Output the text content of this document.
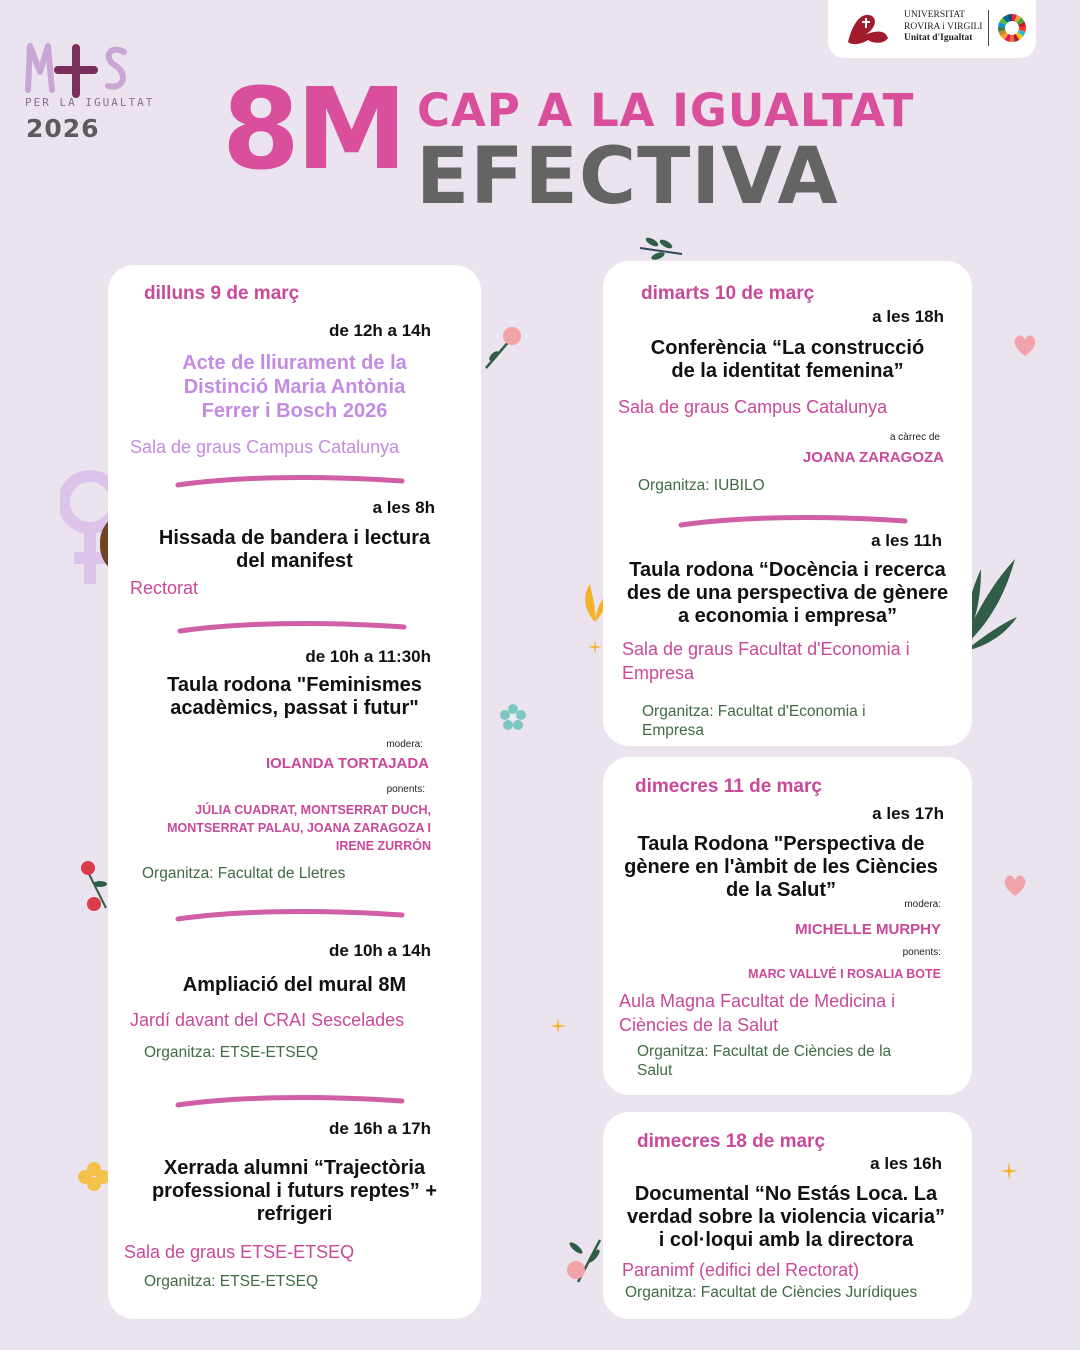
PER LA IGUALTAT
2026 8M CAP A LA IGUALTAT
EFECTIVA
UNIVERSITAT
ROVIRA i VIRGILI
Unitat d'Igualtat
dilluns 9 de març
de 12h a 14h
Acte de lliurament de la
Distinció Maria Antònia
Ferrer i Bosch 2026
Sala de graus Campus Catalunya
a les 8h
Hissada de bandera i lectura
del manifest
Rectorat
de 10h a 11:30h
Taula rodona "Feminismes
acadèmics, passat i futur"
modera:
IOLANDA TORTAJADA
ponents:
JÚLIA CUADRAT, MONTSERRAT DUCH,
MONTSERRAT PALAU, JOANA ZARAGOZA I
IRENE ZURRÓN
Organitza: Facultat de Lletres
de 10h a 14h
Ampliació del mural 8M
Jardí davant del CRAI Sescelades
Organitza: ETSE-ETSEQ
de 16h a 17h
Xerrada alumni “Trajectòria
professional i futurs reptes” +
refrigeri
Sala de graus ETSE-ETSEQ
Organitza: ETSE-ETSEQ
dimarts 10 de març
a les 18h
Conferència “La construcció
de la identitat femenina”
Sala de graus Campus Catalunya
a càrrec de
JOANA ZARAGOZA
Organitza: IUBILO
a les 11h
Taula rodona “Docència i recerca
des de una perspectiva de gènere
a economia i empresa”
Sala de graus Facultat d'Economia i
Empresa
Organitza: Facultat d'Economia i
Empresa
dimecres 11 de març
a les 17h
Taula Rodona "Perspectiva de
gènere en l'àmbit de les Ciències
de la Salut”
modera:
MICHELLE MURPHY
ponents:
MARC VALLVÉ I ROSALIA BOTE
Aula Magna Facultat de Medicina i
Ciències de la Salut
Organitza: Facultat de Ciències de la
Salut
dimecres 18 de març
a les 16h
Documental “No Estás Loca. La
verdad sobre la violencia vicaria”
i col·loqui amb la directora
Paranimf (edifici del Rectorat)
Organitza: Facultat de Ciències Jurídiques
